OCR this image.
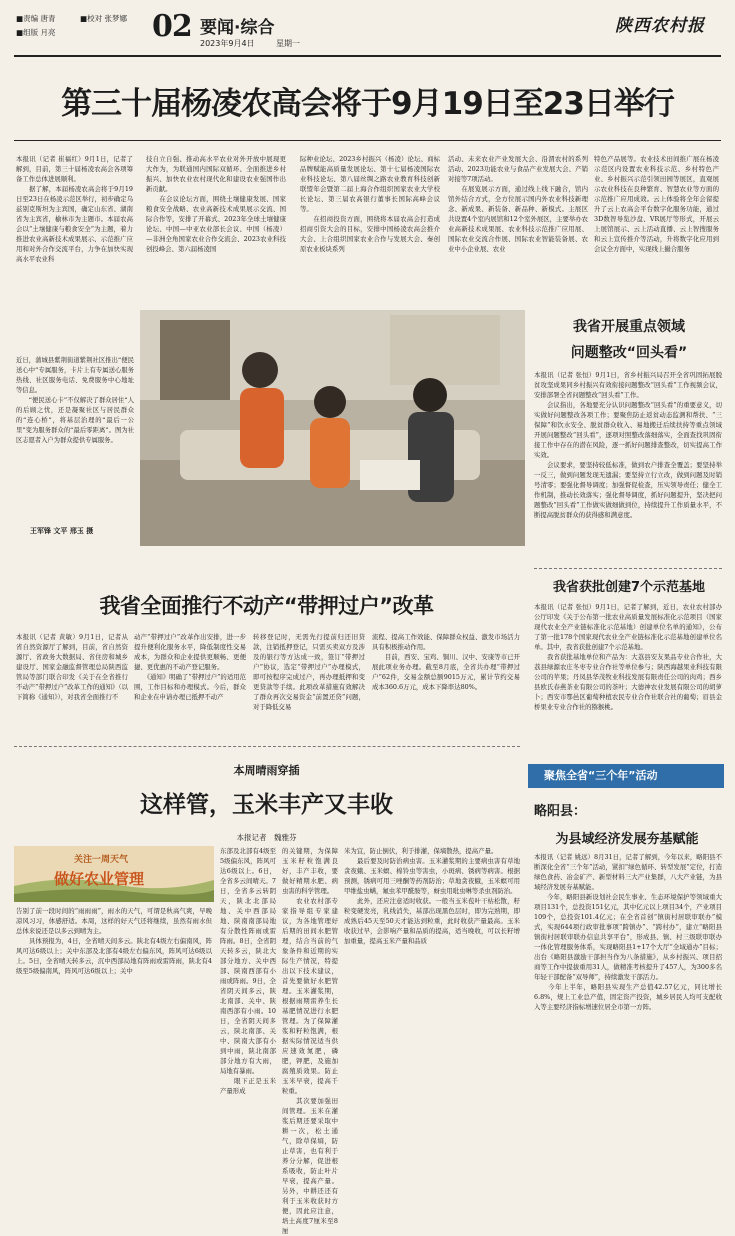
■责编 唐青	■校对 张梦娜
■组版 月亮	02 要闻·综合
2023年9月4日	星期一
陕西农村报
第三十届杨凌农高会将于9月19日至23日举行
本报讯（记者 崔福红）9月1日，记者了解到，目前，第三十届杨凌农高会各项筹备工作总体进展顺利。
　　据了解，本届杨凌农高会将于9月19日至23日在杨凌示范区举行，初步确定乌兹别克斯坦为主宾国，确定山东省、湖南省为主宾省，榆林市为主题市。本届农高会以“土壤健康与粮食安全”为主题，着力推进农业高新技术成果展示、示范推广应用和对外合作交流平台，力争在加快实现高水平农业科
技自立自强、推动高水平农业对外开放中展现更大作为，为联通国内国际双循环、全面推进乡村振兴、加快农业农村现代化和建设农业强国作出新贡献。
　　在会议论坛方面，围绕土壤健康发展、国家粮食安全战略、农业高新技术成果展示交流、国际合作等，安排了开幕式、2023年全球土壤健康论坛、中国—中亚农业部长会议、中国（杨凌）—非洲全角国家农业合作交流会、2023农业科技创投峰会、第六届杨凌国
际种业论坛、2023乡村振兴（杨凌）论坛、商标品牌赋能高质量发展论坛、第十七届杨凌国际农业科技论坛、第八届丝绸之路农业教育科技创新联盟年会暨第二届上海合作组织国家农业大学校长论坛、第三届农高银行董事长国际高峰会议等。
　　在招商投资方面，围绕将本届农高会打造成招商引资大会的目标，安排中国杨凌农高会推介大会、上合组织国家农业合作与发展大会、秦创原农业板块系列
活动、未来农业产业发展大会、沿渭农村的系列活动、2023功能农业与食品产业发展大会、产销对接等7项活动。
　　在展览展示方面，通过线上线下融合，馆内馆外结合方式，全方位展示国内外农业科技新理念、新成果、新装备、新品种、新模式。主展区共设置4个室内展馆和12个室外展区，主要举办农业高新技术成果展、农业科技示范推广应用展、国际农业交流合作展、国际农业智能装备展、农业中小企业展、农业
特色产品展等。农业技术田间推广展在杨凌示范区内设置农业科技示范、乡村特色产业、乡村振兴示范引领田园等展区，直观展示农业科技在良种繁育、智慧农业等方面的示范推广应用成效。云上体验将全年会留提升了云上农高会平台数字化服务功能，通过3D数智导览沙盘、VR展厅等形式，开展云上展馆展示、云上活动直播、云上智搜服务和云上宣传推介等活动，升将数字化应用到会议全方面中，实现线上撮合服务
近日，蒲城县紫荆街道紫荆社区推出“便民送心中”专属服务，卡片上有专属送心服务热线、社区服务电话、免费服务中心地址等信息。
　　“便民送心卡”不仅解决了群众居住“人的后顾之忧，还是凝聚社区与居民群众的“连心桥”，将基层治理的“最后一公里”变为服务群众的“最后零距离”。图为社区志愿者入户为群众提供专属服务。
王军锋 文平 邢玉 摄
我省开展重点领域
问题整改“回头看”
本报讯（记者 张恒）9月1日，省乡村振兴局召开全省巩固拓展脱贫攻坚成果同乡村振兴有效衔接问题整改“回头看”工作视频会议，安排部署全省问题整改“回头看”工作。
　　会议指出，各地要充分认识问题整改“回头看”的重要意义，切实做好问题整改各项工作；要聚焦防止返贫动态监测和帮扶、“三保障”和饮水安全、脱贫群众收入、易地搬迁后续扶持等重点领域开展问题整改“回头看”，逐项对照整改落细落实，全面查找巩固衔接工作中存在的潜在风险，逐一抓好问题排查整改，切实提高工作实效。
　　会议要求，要坚持较低标准，做到农户排查全覆盖；要坚持举一反三，做到问题发现无遗漏；要坚持立行立改，做到问题及时销号清零；要强化督导调度；加强督促检查，压实领导责任；健全工作机制，推动长效落实；强化督导调度，抓好问题提升，坚决把问题整改“回头看”工作做实做细做到位，持续提升工作质量水平，不断提高脱贫群众的获得感和满意度。
我省获批创建7个示范基地
本报讯（记者 张恒）9月1日，记者了解到，近日，农业农村部办公厅印发《关于公布第一批农业高质量发展标准化示范项目（国家现代农业全产业链标准化示范基地）创建单位名单的通知》，公布了第一批178个国家现代农业全产业链标准化示范基地创建单位名单。其中，我省获批创建7个示范基地。
　　我省获批基地单位和产品为：大荔县安友果品专业合作社，大荔县绿源农庄冬枣专业合作社等单位参与；陕西海越果业科技有限公司的苹果；丹凤县华茂牧业科技发展有限责任公司的肉鸡；西乡县欧氏春燕茶业有限公司的茶叶；大德神农业发展有限公司的胡萝卜；西安市鄠邑区葡萄种植农民专业合作社联合社的葡萄；眉县金桥果业专业合作社的猕猴桃。
我省全面推行不动产“带押过户”改革
本报讯（记者 黄敏）9月1日，记者从省自然资源厅了解到，目前，省自然资源厅、省政务大数据局、省住房和城乡建设厅、国家金融监督管理总局陕西监管局等部门联合印发《关于在全省推行不动产“带押过户”改革工作的通知》（以下简称《通知》），对我省全面推行不
动产“带押过户”改革作出安排，进一步提升便利化服务水平，降低制度性交易成本，为群众和企业提供更顺畅、更便捷、更优惠的不动产登记服务。
　　《通知》明确了“带押过户”的适用范围，工作目标和办理模式。今后，群众和企业在申请办理已抵押不动产
转移登记时，无需先行提前归还旧贷款，注销抵押登记，只需买卖双方及涉及的银行等方达成一致，签订“带押过户”协议，选定“带押过户”办理模式，即可按程序完成过户，再办理抵押和变更贷款等手续。此项改革措施有效解决了群众再次交易资金“前置还贷”问题，对于降低交易
流程、提高工作效能、保障群众权益、激发市场活力具有积极推动作用。
　　目前，西安、宝鸡、铜川、汉中、安康等市已开展此项业务办理。截至8月底，全省共办理“带押过户”62件，交易金额总额9015万元，累计节约交易成本360.6万元，成本下降率达80%。
本周晴雨穿插
这样管，玉米丰产又丰收
本报记者　魏雅芬
关注一周天气
做好农业管理
告别了前一段时间的“雨雨雨”，雨水的天气，可谓是秋高气爽，早晚凉风习习，体感舒适。本周，这样的好天气还将继续，虽然有雨水但总体来说还是以多云到晴为主。
　　具体预报为，4日，全省晴天间多云。陕北有4级左右偏南风，阵风可达6级以上；关中东部及北部有4级左右偏东风，阵风可达6级以上。5日，全省晴天转多云，沉中西部局地有阵雨或雷阵雨，陕北有4级至5级偏南风，阵风可达6级以上；关中
东部及北部有4级至5级偏东风，阵风可达6级以上。6日，全省多云间晴天。7日，全省多云转阴天，陕北北部局地、关中西部局地、陕南南部局地有分散性阵雨或雷阵雨。8日，全省阴天转多云，陕北大部分地方、关中西部、陕南西部有小雨或阵雨。9日，全省阴天间多云，陕北南部、关中、陕南西部有小雨。10日，全省阴天间多云，陕北南部、关中、陕南大部有小到中雨，陕北南部部分地方有大雨，局地有暴雨。
　　眼下正是玉米产量形成
的关键期，为保障玉米籽粒饱满良好，丰产丰收，要做好精期水肥、病虫害的科学管理。
　　农业农村部专家指导组专家建议，为各地管理好后期的田间水肥管理，结合当前的气象条件和近期的实际生产情况，特提出以下技术建议，首先要做好水肥管理。玉米灌浆期，根据雨期雷养生长基肥情况进行水肥管理。为了保障灌浆和籽粒饱满，根据实际情况适当供应速效氮肥，磷肥，钾肥，及施加腐殖质效果。防止玉米早衰，提高千粒重。
　　其次要加强田间管理。玉米在灌浆后期还要采取中耕一次，松土通气，除草保墒，防止草害，也有利于养分分解，促进根系吸收，防止叶片早衰，提高产量。另外，中耕还还有利于玉米收获时方便，因此应注意，培土高度7厘米至8厘
米为宜，防止倒伏，利于排灌，保墒散热，提高产量。
　　最后要及时防治病虫害。玉米灌浆期的主要病虫害有草地贪夜蛾、玉米螟、棉铃虫等害虫，小斑病、锈病等病害。根据预测，锈病可用三唑酮等药剂防治；草地贪夜蛾，玉米螟可用甲维盐虫螨，氟虫苯甲酰胺等，蚜虫用吡虫啉等杀虫剂防治。
　　此外，还应注意适时收获。一般当玉米苞叶干枯松散，籽粒变硬发亮，乳线消失，基部出现黑色层时，即为完熟期，即成熟后45天至50天才能达到粒重，此时收获产量最高。玉米收获过早，会影响产量和品质的提高，适当晚收，可以长籽增加重量，提高玉米产量和品质
聚焦全省“三个年”活动
略阳县：
为县域经济发展夯基赋能
本报讯（记者 姚远）8月31日，记者了解到，今年以来，略阳县不断深化全省“三个年”活动，紧扣“绿色循环、转型发展”定位，打造绿色食药、冶金矿产、新型材料三大产业集群，八大产业链，为县域经济发展夯基赋能。
　　今年，略阳县新设划社会民生事业、生态环境保护等领域重大项目131个，总投资151亿元，其中亿元以上项目34个，产业项目109个，总投资101.4亿元；在全省首创“镇街村居联审联办”模式，实现644项行政审批事项“跨镇办”、“跨村办”，建立“略阳县镇街村居联审联办信息共享平台”，形成县、镇、村三级联审联办一体化管理服务体系，实现略阳县1+17个大厅“全域通办”目标；出台《略阳县激励干部担当作为八条措施》，从乡村振兴、项目招商等工作中提拔重用31人，做精准考核提升了457人，为300多名年轻干部配备“双导师”，持续激发干部活力。
　　今年上半年，略阳县实现生产总值42.57亿元，同比增长6.8%，规上工业总产值，固定资产投资，城乡居民人均可支配收入等主要经济指标增速位居全市第一方阵。
